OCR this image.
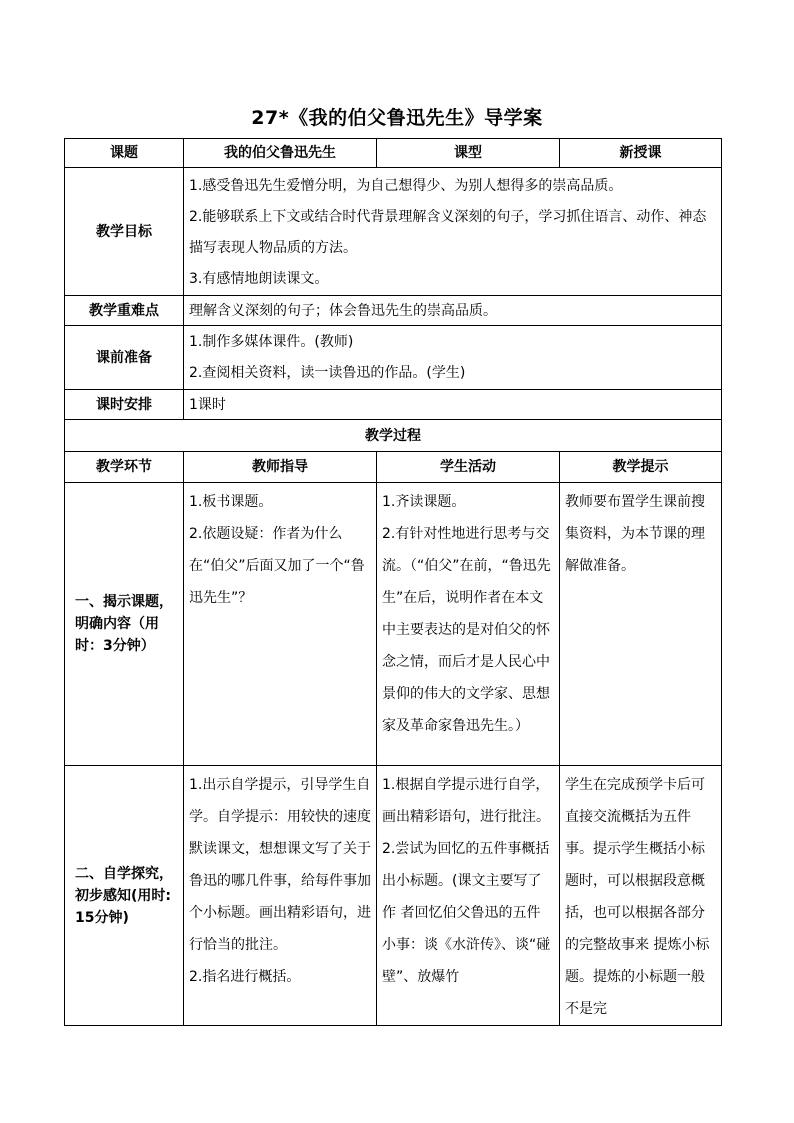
27*《我的伯父鲁迅先生》导学案
课题	我的伯父鲁迅先生	课型	新授课
教学目标	1.感受鲁迅先生爱憎分明，为自己想得少、为别人想得多的崇高品质。
2.能够联系上下文或结合时代背景理解含义深刻的句子，学习抓住语言、动作、神态描写表现人物品质的方法。
3.有感情地朗读课文。		

教学重难点	理解含义深刻的句子；体会鲁迅先生的崇高品质。		
课前准备	1.制作多媒体课件。(教师)
2.查阅相关资料，读一读鲁迅的作品。(学生)		

课时安排	1课时		
教学过程			
教学环节	教师指导	学生活动	教学提示

一、揭示课题，
明确内容（用
时：3分钟）	1.板书课题。
2.依题设疑：作者为什么在“伯父”后面又加了一个“鲁迅先生”？	1.齐读课题。
2.有针对性地进行思考与交流。（“伯父”在前，“鲁迅先生”在后，说明作者在本文中主要表达的是对伯父的怀念之情，而后才是人民心中景仰的伟大的文学家、思想家及革命家鲁迅先生。）	教师要布置学生课前搜集资料，为本节课的理解做准备。

二、自学探究，
初步感知(用时:
15分钟)	1.出示自学提示，引导学生自学。自学提示：用较快的速度默读课文，想想课文写了关于鲁迅的哪几件事，给每件事加个小标题。画出精彩语句，进行恰当的批注。
2.指名进行概括。	1.根据自学提示进行自学，画出精彩语句，进行批注。
2.尝试为回忆的五件事概括 出小标题。(课文主要写了作 者回忆伯父鲁迅的五件小事：谈《水浒传》、谈“碰壁”、放爆竹	学生在完成预学卡后可直接交流概括为五件事。提示学生概括小标题时，可以根据段意概括，也可以根据各部分的完整故事来 提炼小标题。提炼的小标题一般不是完
